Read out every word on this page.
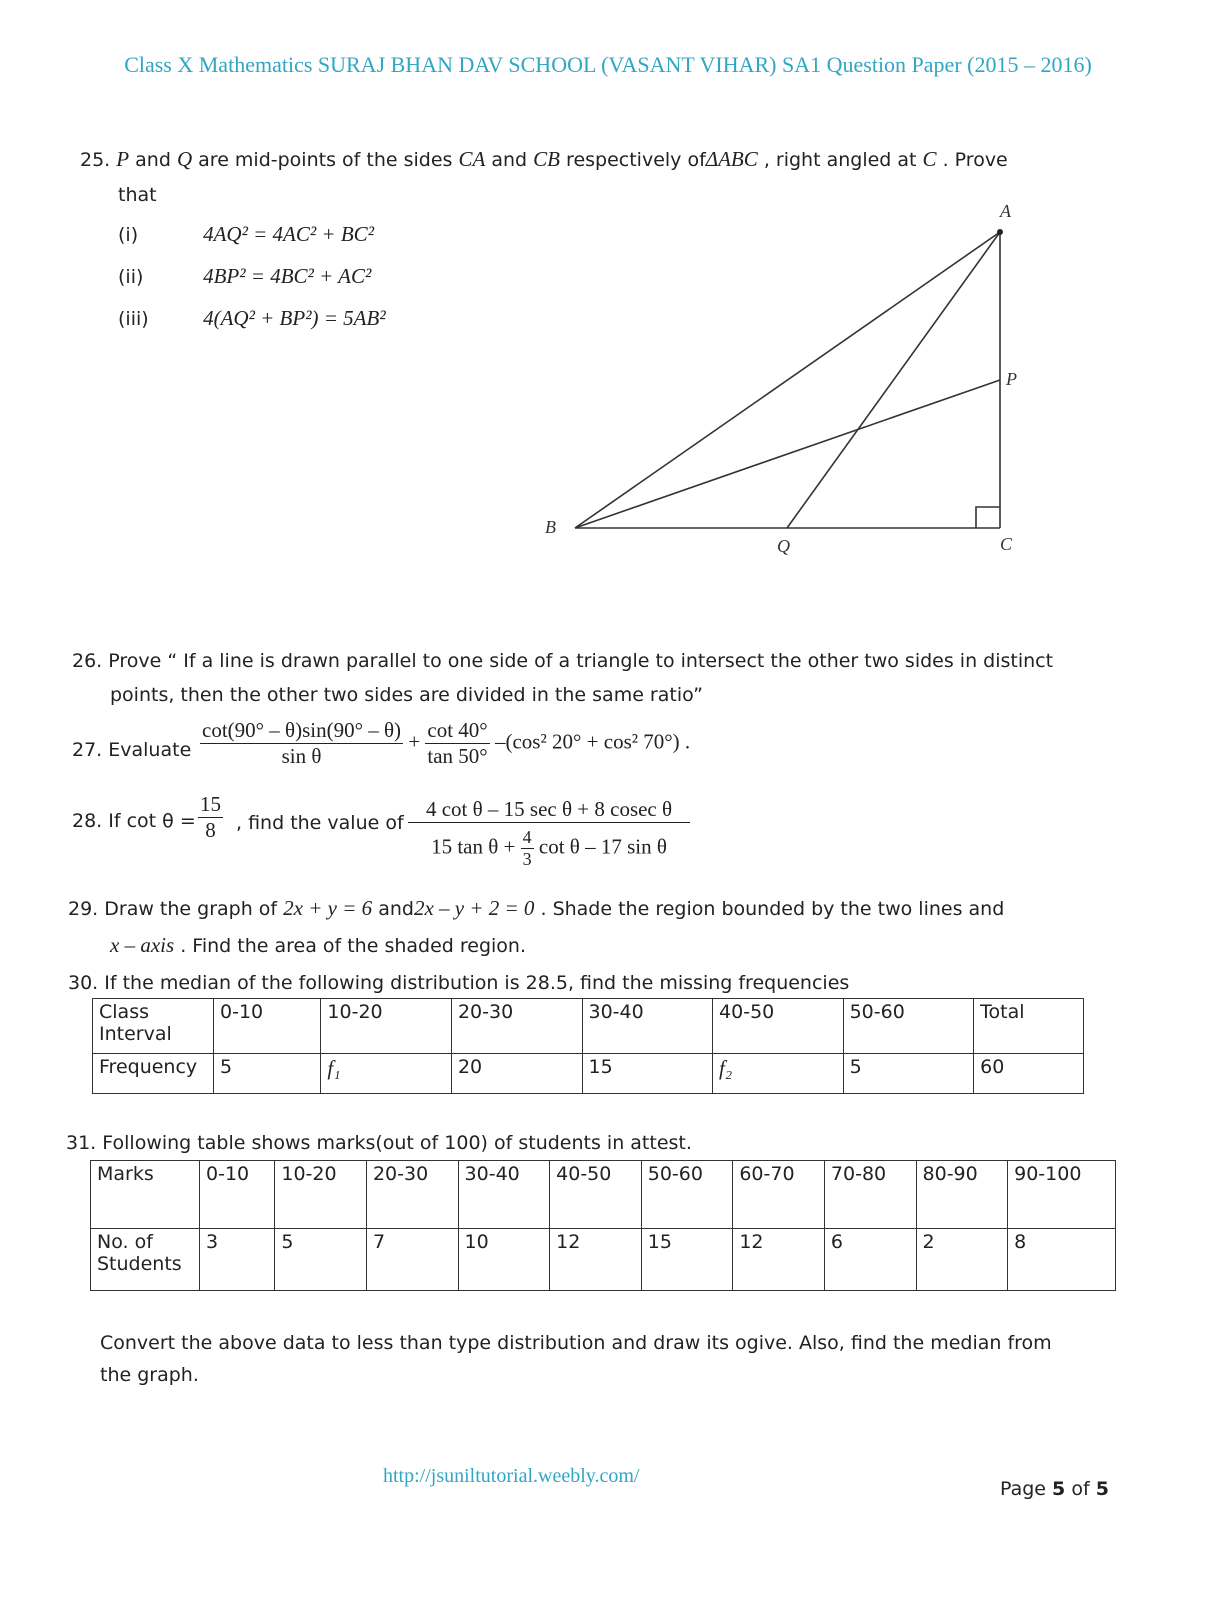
Class X Mathematics SURAJ BHAN DAV SCHOOL (VASANT VIHAR) SA1 Question Paper (2015 – 2016)
25. P and Q are mid-points of the sides CA and CB respectively ofΔABC , right angled at C . Prove
that
(i)	4AQ² = 4AC² + BC²
(ii)	4BP² = 4BC² + AC²
(iii)	4(AQ² + BP²) = 5AB²
A
B
C
P
Q
26. Prove “ If a line is drawn parallel to one side of a triangle to intersect the other two sides in distinct
points, then the other two sides are divided in the same ratio”
27. Evaluate $\frac{\cot(90^\circ - \theta)\sin(90^\circ - \theta)}{\text{sin θ}} + \frac{\cot 40^\circ}{\tan 50^\circ} -(\cos^2$ 20° + cos² 70°) .
28. If $\cot \theta = \frac{15}{8}$ , find the value of
4 cot θ – 15 sec θ + 8 cosec θ
15 $\tan \theta + \frac{4}{3}$ cot θ – 17 sin θ
29. Draw the graph of 2x + y = 6 and2x – y + 2 = 0 . Shade the region bounded by the two lines and
x – axis . Find the area of the shaded region.
30. If the median of the following distribution is 28.5, find the missing frequencies
Class
Interval	0-10	10-20	20-30	30-40	40-50	50-60	Total
Frequency	5	f₁	20	15	f₂	5	60
31. Following table shows marks(out of 100) of students in attest.
Marks	0-10	10-20	20-30	30-40	40-50	50-60	60-70	70-80	80-90	90-100
No. of
Students	3	5	7	10	12	15	12	6	2	8
Convert the above data to less than type distribution and draw its ogive. Also, find the median from
the graph.
http://jsuniltutorial.weebly.com/
Page 5 of 5
